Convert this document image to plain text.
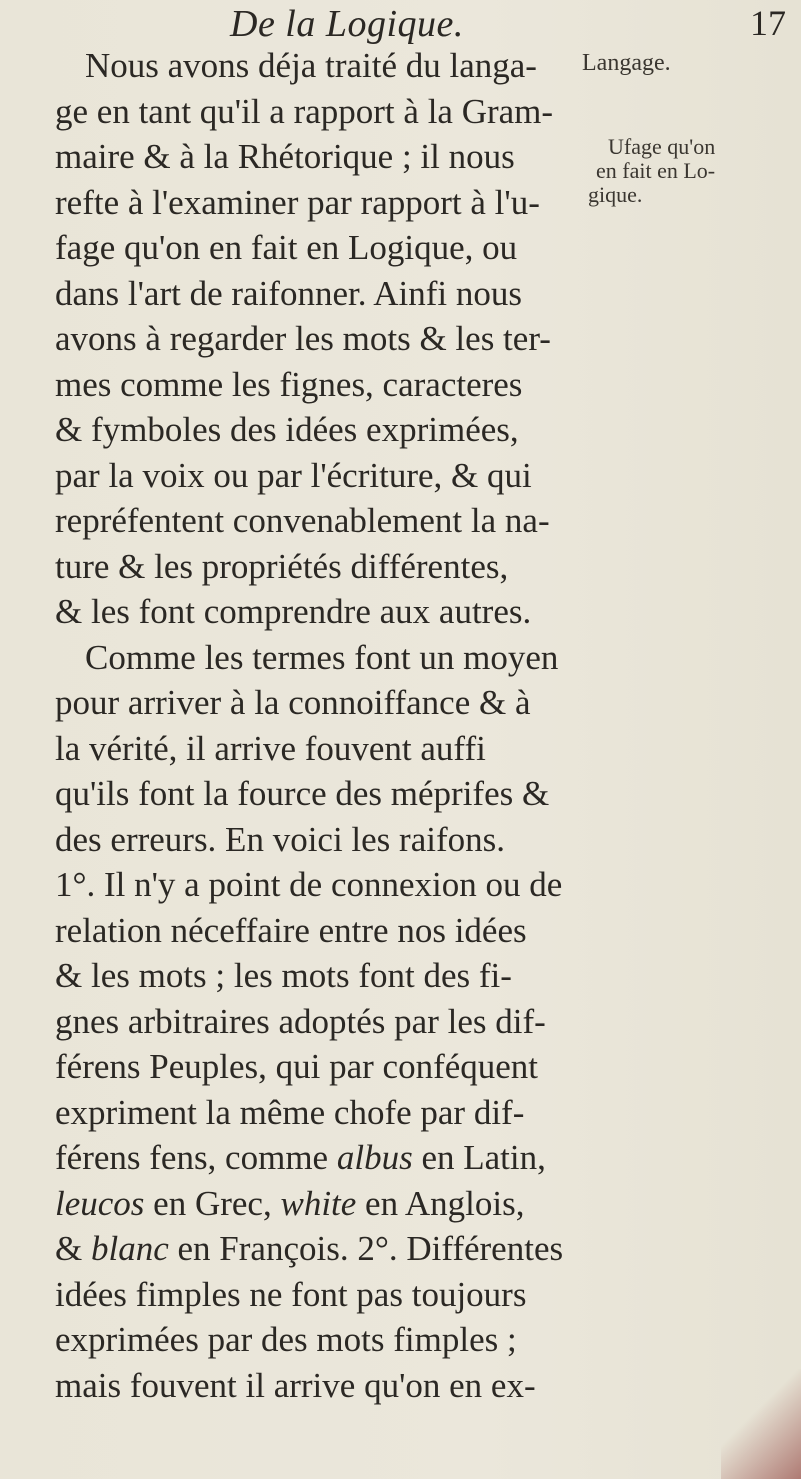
De la Logique.	17
Langage.
Ufage qu'on
en fait en Lo-
gique.
Nous avons déja traité du langa-
ge en tant qu'il a rapport à la Gram-
maire & à la Rhétorique ; il nous
refte à l'examiner par rapport à l'u-
fage qu'on en fait en Logique, ou
dans l'art de raifonner. Ainfi nous
avons à regarder les mots & les ter-
mes comme les fignes, caracteres
& fymboles des idées exprimées,
par la voix ou par l'écriture, & qui
repréfentent convenablement la na-
ture & les propriétés différentes,
& les font comprendre aux autres.
Comme les termes font un moyen
pour arriver à la connoiffance & à
la vérité, il arrive fouvent auffi
qu'ils font la fource des méprifes &
des erreurs. En voici les raifons.
1°. Il n'y a point de connexion ou de
relation néceffaire entre nos idées
& les mots ; les mots font des fi-
gnes arbitraires adoptés par les dif-
férens Peuples, qui par conféquent
expriment la même chofe par dif-
férens fens, comme albus en Latin,
leucos en Grec, white en Anglois,
& blanc en François. 2°. Différentes
idées fimples ne font pas toujours
exprimées par des mots fimples ;
mais fouvent il arrive qu'on en ex-
